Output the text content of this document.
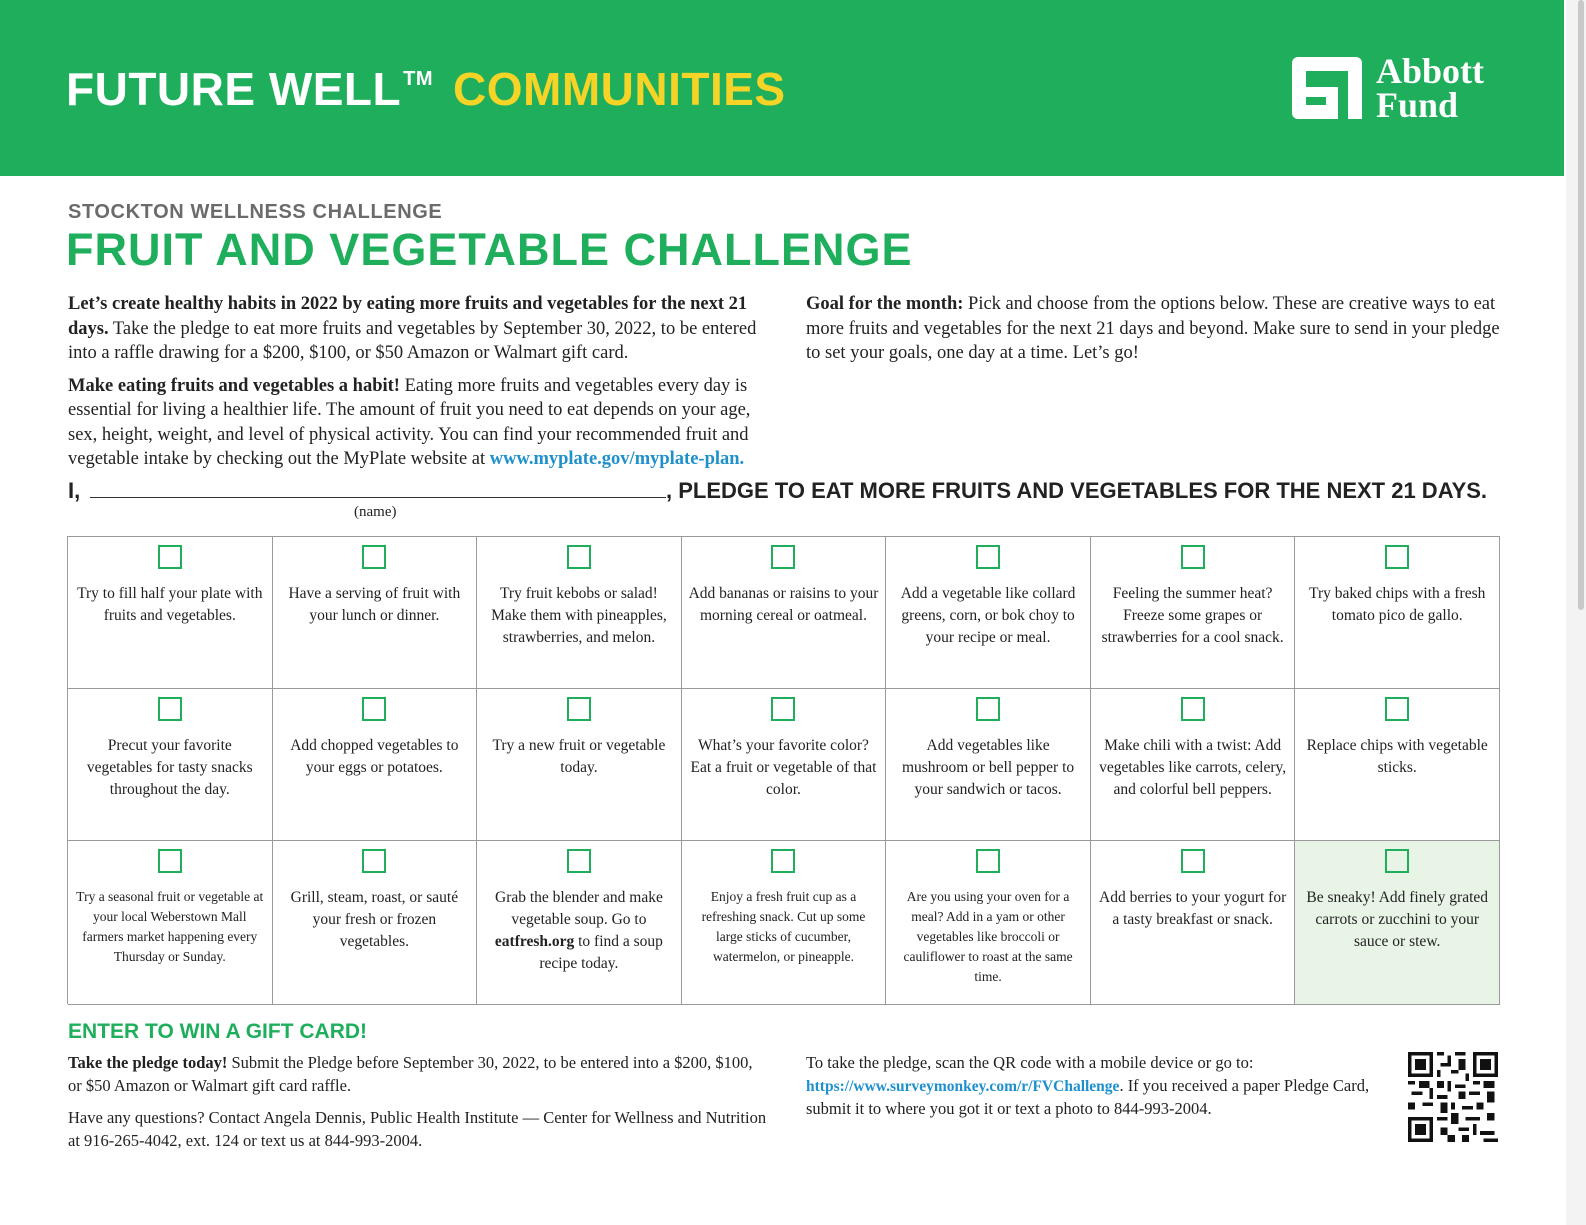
FUTURE WELL ™ COMMUNITIES	Abbott
Fund
STOCKTON WELLNESS CHALLENGE
FRUIT AND VEGETABLE CHALLENGE

Let’s create healthy habits in 2022 by eating more fruits and vegetables for the next 21 days. Take the pledge to eat more fruits and vegetables by September 30, 2022, to be entered into a raffle drawing for a $200, $100, or $50 Amazon or Walmart gift card.

Make eating fruits and vegetables a habit! Eating more fruits and vegetables every day is essential for living a healthier life. The amount of fruit you need to eat depends on your age, sex, height, weight, and level of physical activity. You can find your recommended fruit and vegetable intake by checking out the MyPlate website at www.myplate.gov/myplate-plan.

Goal for the month: Pick and choose from the options below. These are creative ways to eat more fruits and vegetables for the next 21 days and beyond. Make sure to send in your pledge to set your goals, one day at a time. Let’s go!

I,	, PLEDGE TO EAT MORE FRUITS AND VEGETABLES FOR THE NEXT 21 DAYS.
(name)
Try to fill half your plate with fruits and vegetables.
Have a serving of fruit with your lunch or dinner.
Try fruit kebobs or salad! Make them with pineapples, strawberries, and melon.
Add bananas or raisins to your morning cereal or oatmeal.
Add a vegetable like collard greens, corn, or bok choy to your recipe or meal.
Feeling the summer heat? Freeze some grapes or strawberries for a cool snack.
Try baked chips with a fresh tomato pico de gallo.
Precut your favorite vegetables for tasty snacks throughout the day.
Add chopped vegetables to your eggs or potatoes.
Try a new fruit or vegetable today.
What’s your favorite color? Eat a fruit or vegetable of that color.
Add vegetables like mushroom or bell pepper to your sandwich or tacos.
Make chili with a twist: Add vegetables like carrots, celery, and colorful bell peppers.
Replace chips with vegetable sticks.
Try a seasonal fruit or vegetable at your local Weberstown Mall farmers market happening every Thursday or Sunday.
Grill, steam, roast, or sauté your fresh or frozen vegetables.
Grab the blender and make vegetable soup. Go to eatfresh.org to find a soup recipe today.
Enjoy a fresh fruit cup as a refreshing snack. Cut up some large sticks of cucumber, watermelon, or pineapple.
Are you using your oven for a meal? Add in a yam or other vegetables like broccoli or cauliflower to roast at the same time.
Add berries to your yogurt for a tasty breakfast or snack.
Be sneaky! Add finely grated carrots or zucchini to your sauce or stew.
ENTER TO WIN A GIFT CARD!

Take the pledge today! Submit the Pledge before September 30, 2022, to be entered into a $200, $100, or $50 Amazon or Walmart gift card raffle.

Have any questions? Contact Angela Dennis, Public Health Institute — Center for Wellness and Nutrition at 916-265-4042, ext. 124 or text us at 844-993-2004.

To take the pledge, scan the QR code with a mobile device or go to: https://www.surveymonkey.com/r/FVChallenge. If you received a paper Pledge Card, submit it to where you got it or text a photo to 844-993-2004.
